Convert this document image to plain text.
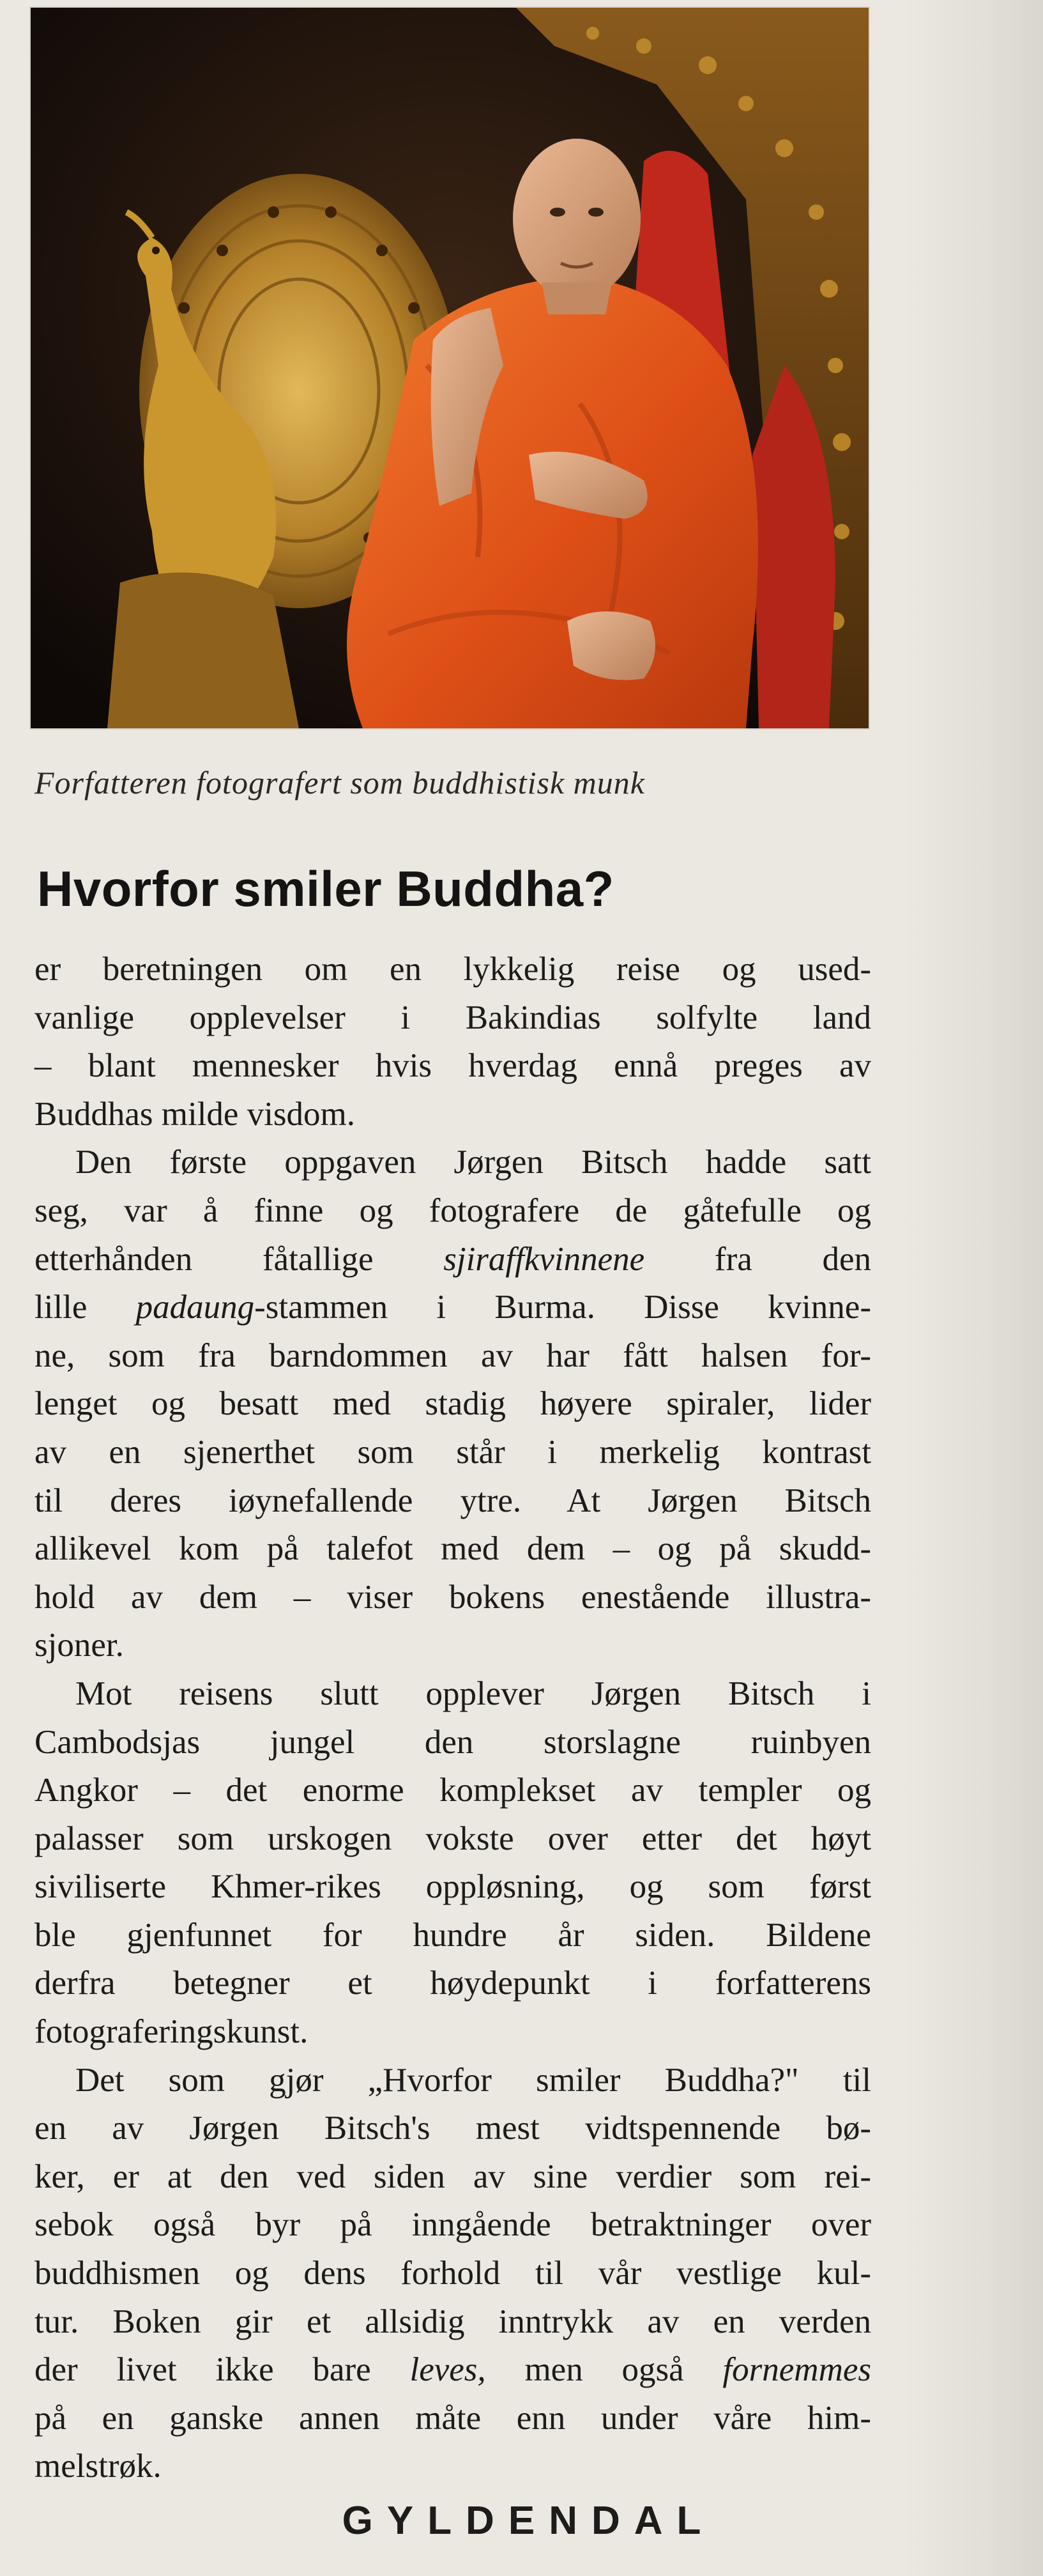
Forfatteren fotografert som buddhistisk munk
Hvorfor smiler Buddha?
er beretningen om en lykkelig reise og used-
vanlige opplevelser i Bakindias solfylte land
– blant mennesker hvis hverdag ennå preges av
Buddhas milde visdom.
Den første oppgaven Jørgen Bitsch hadde satt
seg, var å finne og fotografere de gåtefulle og
etterhånden fåtallige sjiraffkvinnene fra den
lille padaung-stammen i Burma. Disse kvinne-
ne, som fra barndommen av har fått halsen for-
lenget og besatt med stadig høyere spiraler, lider
av en sjenerthet som står i merkelig kontrast
til deres iøynefallende ytre. At Jørgen Bitsch
allikevel kom på talefot med dem – og på skudd-
hold av dem – viser bokens enestående illustra-
sjoner.
Mot reisens slutt opplever Jørgen Bitsch i
Cambodsjas jungel den storslagne ruinbyen
Angkor – det enorme komplekset av templer og
palasser som urskogen vokste over etter det høyt
siviliserte Khmer-rikes oppløsning, og som først
ble gjenfunnet for hundre år siden. Bildene
derfra betegner et høydepunkt i forfatterens
fotograferingskunst.
Det som gjør „Hvorfor smiler Buddha?" til
en av Jørgen Bitsch's mest vidtspennende bø-
ker, er at den ved siden av sine verdier som rei-
sebok også byr på inngående betraktninger over
buddhismen og dens forhold til vår vestlige kul-
tur. Boken gir et allsidig inntrykk av en verden
der livet ikke bare leves, men også fornemmes
på en ganske annen måte enn under våre him-
melstrøk.
GYLDENDAL
